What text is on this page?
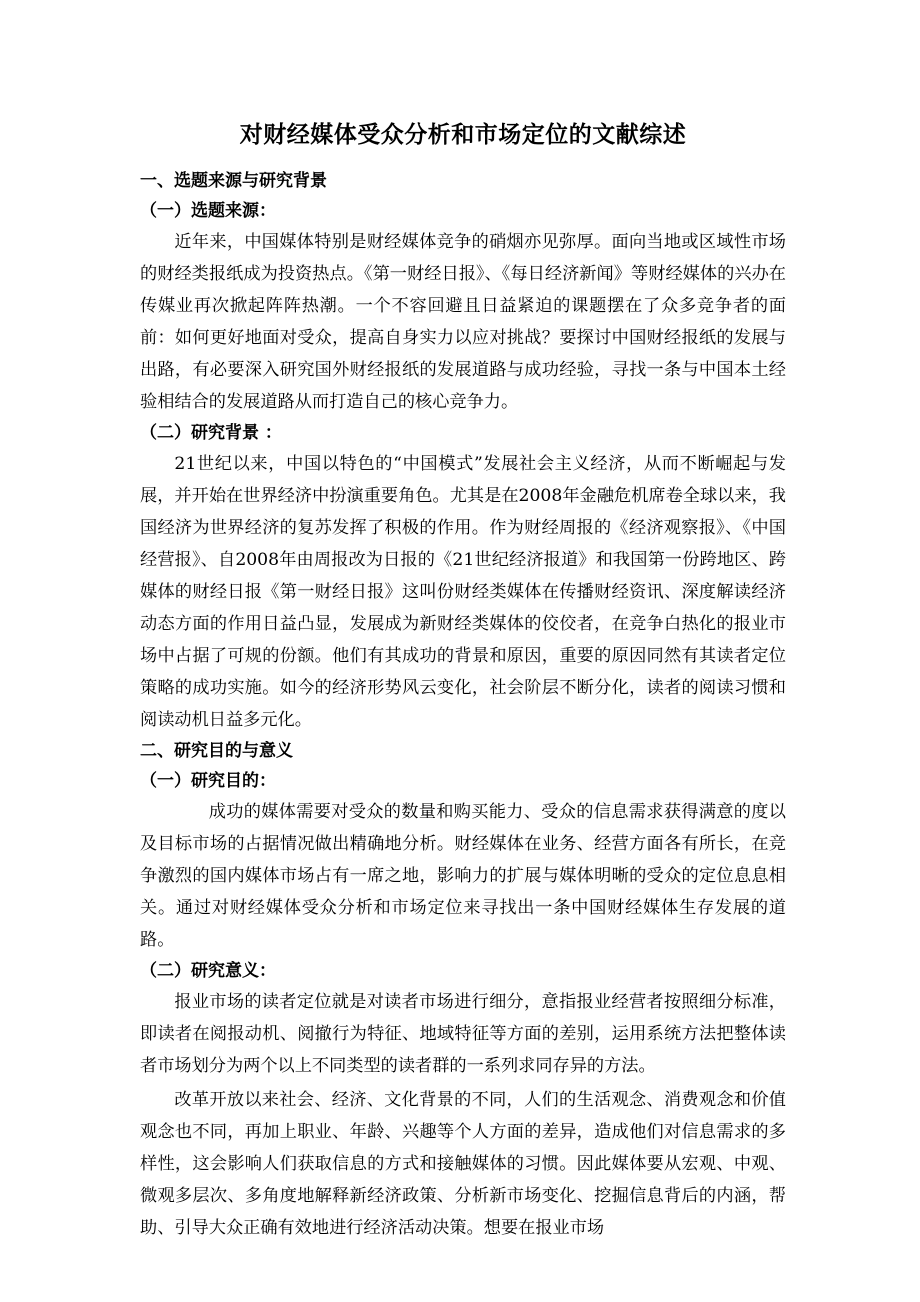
对财经媒体受众分析和市场定位的文献综述

一、选题来源与研究背景

（一）选题来源：

近年来，中国媒体特别是财经媒体竞争的硝烟亦见弥厚。面向当地或区域性市场的财经类报纸成为投资热点。《第一财经日报》、《每日经济新闻》等财经媒体的兴办在传媒业再次掀起阵阵热潮。一个不容回避且日益紧迫的课题摆在了众多竞争者的面前：如何更好地面对受众，提高自身实力以应对挑战？要探讨中国财经报纸的发展与出路，有必要深入研究国外财经报纸的发展道路与成功经验，寻找一条与中国本土经验相结合的发展道路从而打造自己的核心竞争力。

（二）研究背景 ：

21世纪以来，中国以特色的“中国模式”发展社会主义经济，从而不断崛起与发展，并开始在世界经济中扮演重要角色。尤其是在2008年金融危机席卷全球以来，我国经济为世界经济的复苏发挥了积极的作用。作为财经周报的《经济观察报》、《中国经营报》、自2008年由周报改为日报的《21世纪经济报道》和我国第一份跨地区、跨媒体的财经日报《第一财经日报》这叫份财经类媒体在传播财经资讯、深度解读经济动态方面的作用日益凸显，发展成为新财经类媒体的佼佼者，在竞争白热化的报业市场中占据了可规的份额。他们有其成功的背景和原因，重要的原因同然有其读者定位策略的成功实施。如今的经济形势风云变化，社会阶层不断分化，读者的阅读习惯和阅读动机日益多元化。

二、研究目的与意义

（一）研究目的：

成功的媒体需要对受众的数量和购买能力、受众的信息需求获得满意的度以及目标市场的占据情况做出精确地分析。财经媒体在业务、经营方面各有所长，在竞争激烈的国内媒体市场占有一席之地，影响力的扩展与媒体明晰的受众的定位息息相关。通过对财经媒体受众分析和市场定位来寻找出一条中国财经媒体生存发展的道路。

（二）研究意义：

报业市场的读者定位就是对读者市场进行细分，意指报业经营者按照细分标准，即读者在阅报动机、阅撤行为特征、地域特征等方面的差别，运用系统方法把整体读者市场划分为两个以上不同类型的读者群的一系列求同存异的方法。

改革开放以来社会、经济、文化背景的不同，人们的生活观念、消费观念和价值观念也不同，再加上职业、年龄、兴趣等个人方面的差异，造成他们对信息需求的多样性，这会影响人们获取信息的方式和接触媒体的习惯。因此媒体要从宏观、中观、微观多层次、多角度地解释新经济政策、分析新市场变化、挖掘信息背后的内涵，帮助、引导大众正确有效地进行经济活动决策。想要在报业市场
